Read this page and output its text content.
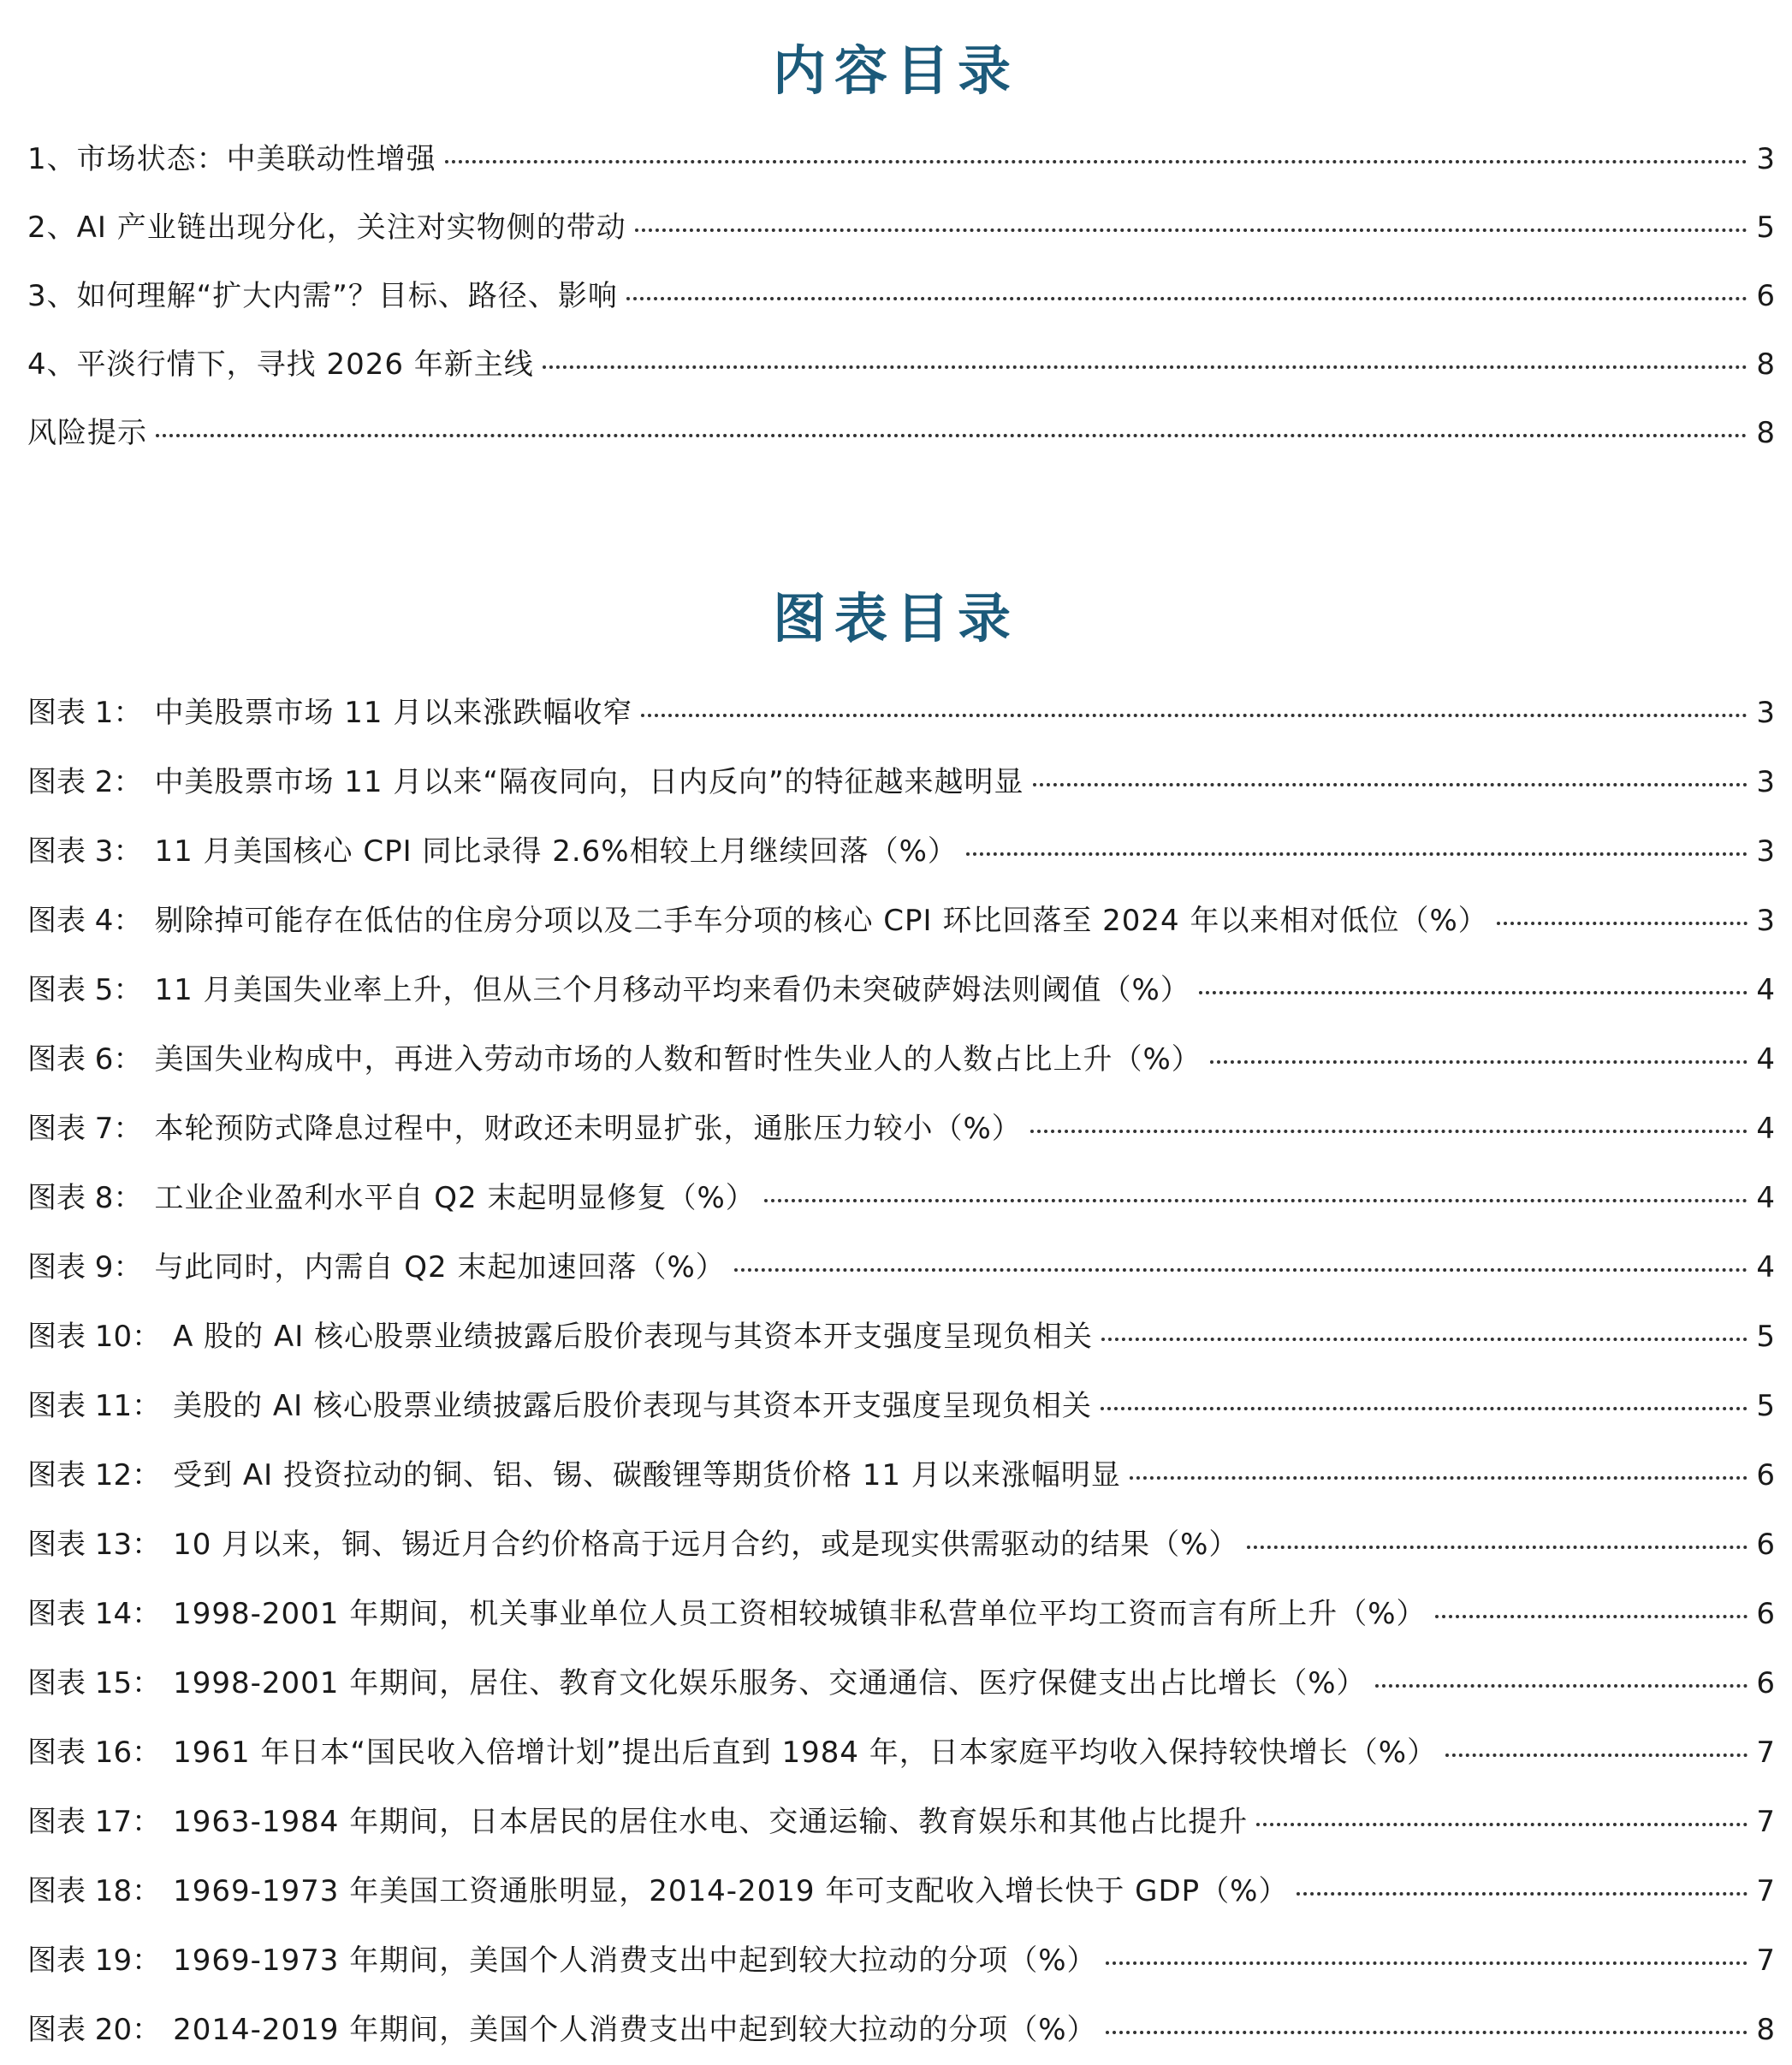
内容目录
1、市场状态：中美联动性增强	3
2、AI 产业链出现分化，关注对实物侧的带动	5
3、如何理解“扩大内需”？目标、路径、影响	6
4、平淡行情下，寻找 2026 年新主线	8
风险提示	8
图表目录
图表 1： 中美股票市场 11 月以来涨跌幅收窄	3
图表 2： 中美股票市场 11 月以来“隔夜同向，日内反向”的特征越来越明显	3
图表 3： 11 月美国核心 CPI 同比录得 2.6%相较上月继续回落（%）	3
图表 4： 剔除掉可能存在低估的住房分项以及二手车分项的核心 CPI 环比回落至 2024 年以来相对低位（%）	3
图表 5： 11 月美国失业率上升，但从三个月移动平均来看仍未突破萨姆法则阈值（%）	4
图表 6： 美国失业构成中，再进入劳动市场的人数和暂时性失业人的人数占比上升（%）	4
图表 7： 本轮预防式降息过程中，财政还未明显扩张，通胀压力较小（%）	4
图表 8： 工业企业盈利水平自 Q2 末起明显修复（%）	4
图表 9： 与此同时，内需自 Q2 末起加速回落（%）	4
图表 10： A 股的 AI 核心股票业绩披露后股价表现与其资本开支强度呈现负相关	5
图表 11： 美股的 AI 核心股票业绩披露后股价表现与其资本开支强度呈现负相关	5
图表 12： 受到 AI 投资拉动的铜、铝、锡、碳酸锂等期货价格 11 月以来涨幅明显	6
图表 13： 10 月以来，铜、锡近月合约价格高于远月合约，或是现实供需驱动的结果（%）	6
图表 14： 1998-2001 年期间，机关事业单位人员工资相较城镇非私营单位平均工资而言有所上升（%）	6
图表 15： 1998-2001 年期间，居住、教育文化娱乐服务、交通通信、医疗保健支出占比增长（%）	6
图表 16： 1961 年日本“国民收入倍增计划”提出后直到 1984 年，日本家庭平均收入保持较快增长（%）	7
图表 17： 1963-1984 年期间，日本居民的居住水电、交通运输、教育娱乐和其他占比提升	7
图表 18： 1969-1973 年美国工资通胀明显，2014-2019 年可支配收入增长快于 GDP（%）	7
图表 19： 1969-1973 年期间，美国个人消费支出中起到较大拉动的分项（%）	7
图表 20： 2014-2019 年期间，美国个人消费支出中起到较大拉动的分项（%）	8
